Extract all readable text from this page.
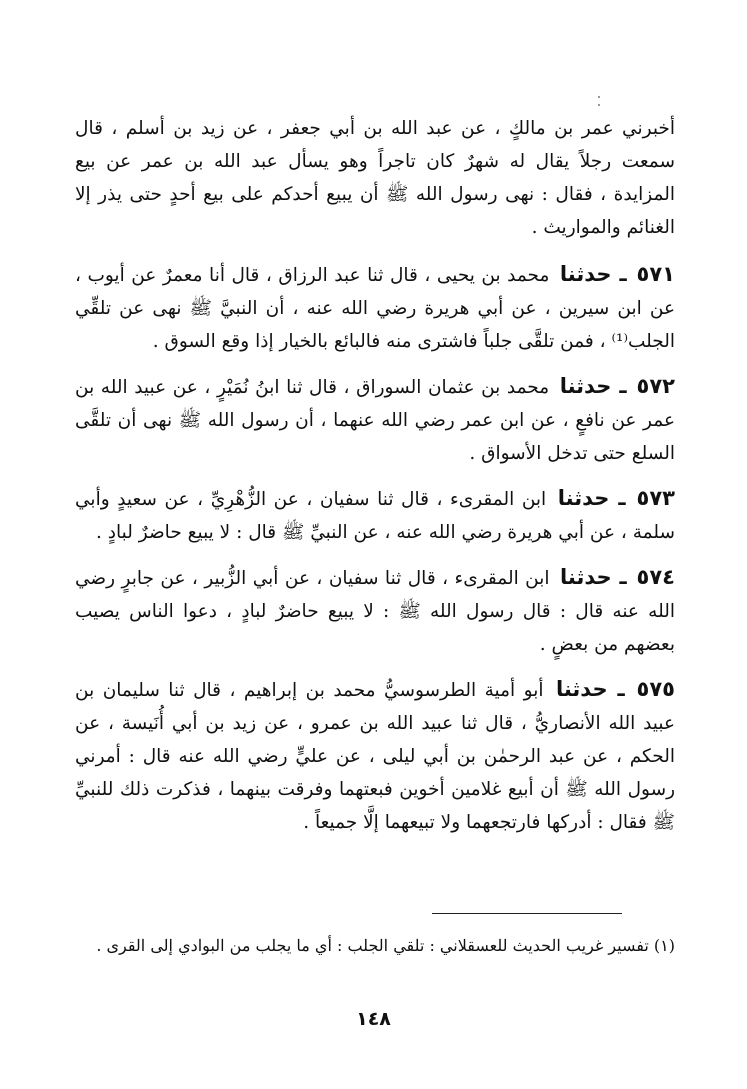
أخبرني عمر بن مالكٍ ، عن عبد الله بن أبي جعفر ، عن زيد بن أسلم ، قال سمعت رجلاً يقال له شهرٌ كان تاجراً وهو يسأل عبد الله بن عمر عن بيع المزايدة ، فقال : نهى رسول الله ﷺ أن يبيع أحدكم على بيع أحدٍ حتى يذر إلا الغنائم والمواريث .

٥٧١ ـ حدثنا محمد بن يحيى ، قال ثنا عبد الرزاق ، قال أنا معمرٌ عن أيوب ، عن ابن سيرين ، عن أبي هريرة رضي الله عنه ، أن النبيَّ ﷺ نهى عن تلقِّي الجلب⁽¹⁾ ، فمن تلقَّى جلباً فاشترى منه فالبائع بالخيار إذا وقع السوق .

٥٧٢ ـ حدثنا محمد بن عثمان السوراق ، قال ثنا ابنُ نُمَيْرٍ ، عن عبيد الله بن عمر عن نافعٍ ، عن ابن عمر رضي الله عنهما ، أن رسول الله ﷺ نهى أن تلقَّى السلع حتى تدخل الأسواق .

٥٧٣ ـ حدثنا ابن المقرىء ، قال ثنا سفيان ، عن الزُّهْرِيِّ ، عن سعيدٍ وأبي سلمة ، عن أبي هريرة رضي الله عنه ، عن النبيِّ ﷺ قال : لا يبيع حاضرٌ لبادٍ .

٥٧٤ ـ حدثنا ابن المقرىء ، قال ثنا سفيان ، عن أبي الزُّبير ، عن جابرٍ رضي الله عنه قال : قال رسول الله ﷺ : لا يبيع حاضرٌ لبادٍ ، دعوا الناس يصيب بعضهم من بعضٍ .

٥٧٥ ـ حدثنا أبو أمية الطرسوسيُّ محمد بن إبراهيم ، قال ثنا سليمان بن عبيد الله الأنصاريُّ ، قال ثنا عبيد الله بن عمرو ، عن زيد بن أبي أُنَيسة ، عن الحكم ، عن عبد الرحمٰن بن أبي ليلى ، عن عليٍّ رضي الله عنه قال : أمرني رسول الله ﷺ أن أبيع غلامين أخوين فبعتهما وفرقت بينهما ، فذكرت ذلك للنبيِّ ﷺ فقال : أدركها فارتجعهما ولا تبيعهما إلَّا جميعاً .

(١) تفسير غريب الحديث للعسقلاني : تلقي الجلب : أي ما يجلب من البوادي إلى القرى .
١٤٨
